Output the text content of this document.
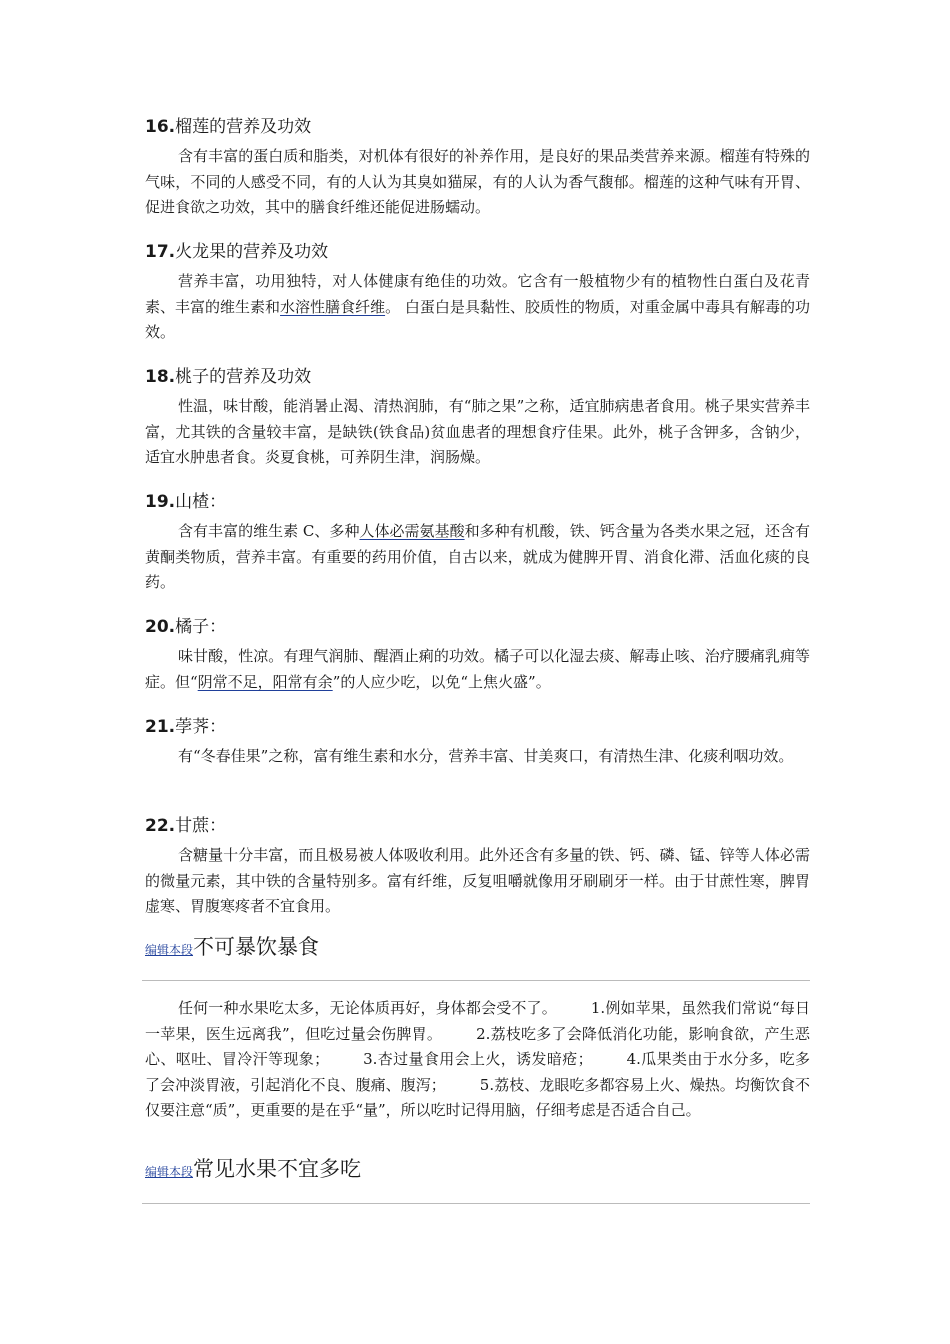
16.榴莲的营养及功效

含有丰富的蛋白质和脂类，对机体有很好的补养作用，是良好的果品类营养来源。榴莲有特殊的气味，不同的人感受不同，有的人认为其臭如猫屎，有的人认为香气馥郁。榴莲的这种气味有开胃、促进食欲之功效，其中的膳食纤维还能促进肠蠕动。

17.火龙果的营养及功效

营养丰富，功用独特，对人体健康有绝佳的功效。它含有一般植物少有的植物性白蛋白及花青素、丰富的维生素和水溶性膳食纤维。 白蛋白是具黏性、胶质性的物质，对重金属中毒具有解毒的功效。

18.桃子的营养及功效

性温，味甘酸，能消暑止渴、清热润肺，有“肺之果”之称，适宜肺病患者食用。桃子果实营养丰富，尤其铁的含量较丰富，是缺铁(铁食品)贫血患者的理想食疗佳果。此外，桃子含钾多，含钠少，适宜水肿患者食。炎夏食桃，可养阴生津，润肠燥。

19.山楂：

含有丰富的维生素 C、多种人体必需氨基酸和多种有机酸，铁、钙含量为各类水果之冠，还含有黄酮类物质，营养丰富。有重要的药用价值，自古以来，就成为健脾开胃、消食化滞、活血化痰的良药。

20.橘子：

味甘酸，性凉。有理气润肺、醒酒止痢的功效。橘子可以化湿去痰、解毒止咳、治疗腰痛乳痈等症。但“阴常不足，阳常有余”的人应少吃，以免“上焦火盛”。

21.荸荠：

有“冬春佳果”之称，富有维生素和水分，营养丰富、甘美爽口，有清热生津、化痰利咽功效。

22.甘蔗：

含糖量十分丰富，而且极易被人体吸收利用。此外还含有多量的铁、钙、磷、锰、锌等人体必需的微量元素，其中铁的含量特别多。富有纤维，反复咀嚼就像用牙刷刷牙一样。由于甘蔗性寒，脾胃虚寒、胃腹寒疼者不宜食用。

编辑本段不可暴饮暴食

任何一种水果吃太多，无论体质再好，身体都会受不了。 1.例如苹果，虽然我们常说“每日一苹果，医生远离我”，但吃过量会伤脾胃。 2.荔枝吃多了会降低消化功能，影响食欲，产生恶心、呕吐、冒冷汗等现象； 3.杏过量食用会上火，诱发暗疮； 4.瓜果类由于水分多，吃多了会冲淡胃液，引起消化不良、腹痛、腹泻； 5.荔枝、龙眼吃多都容易上火、燥热。均衡饮食不仅要注意“质”，更重要的是在乎“量”，所以吃时记得用脑，仔细考虑是否适合自己。

编辑本段常见水果不宜多吃
